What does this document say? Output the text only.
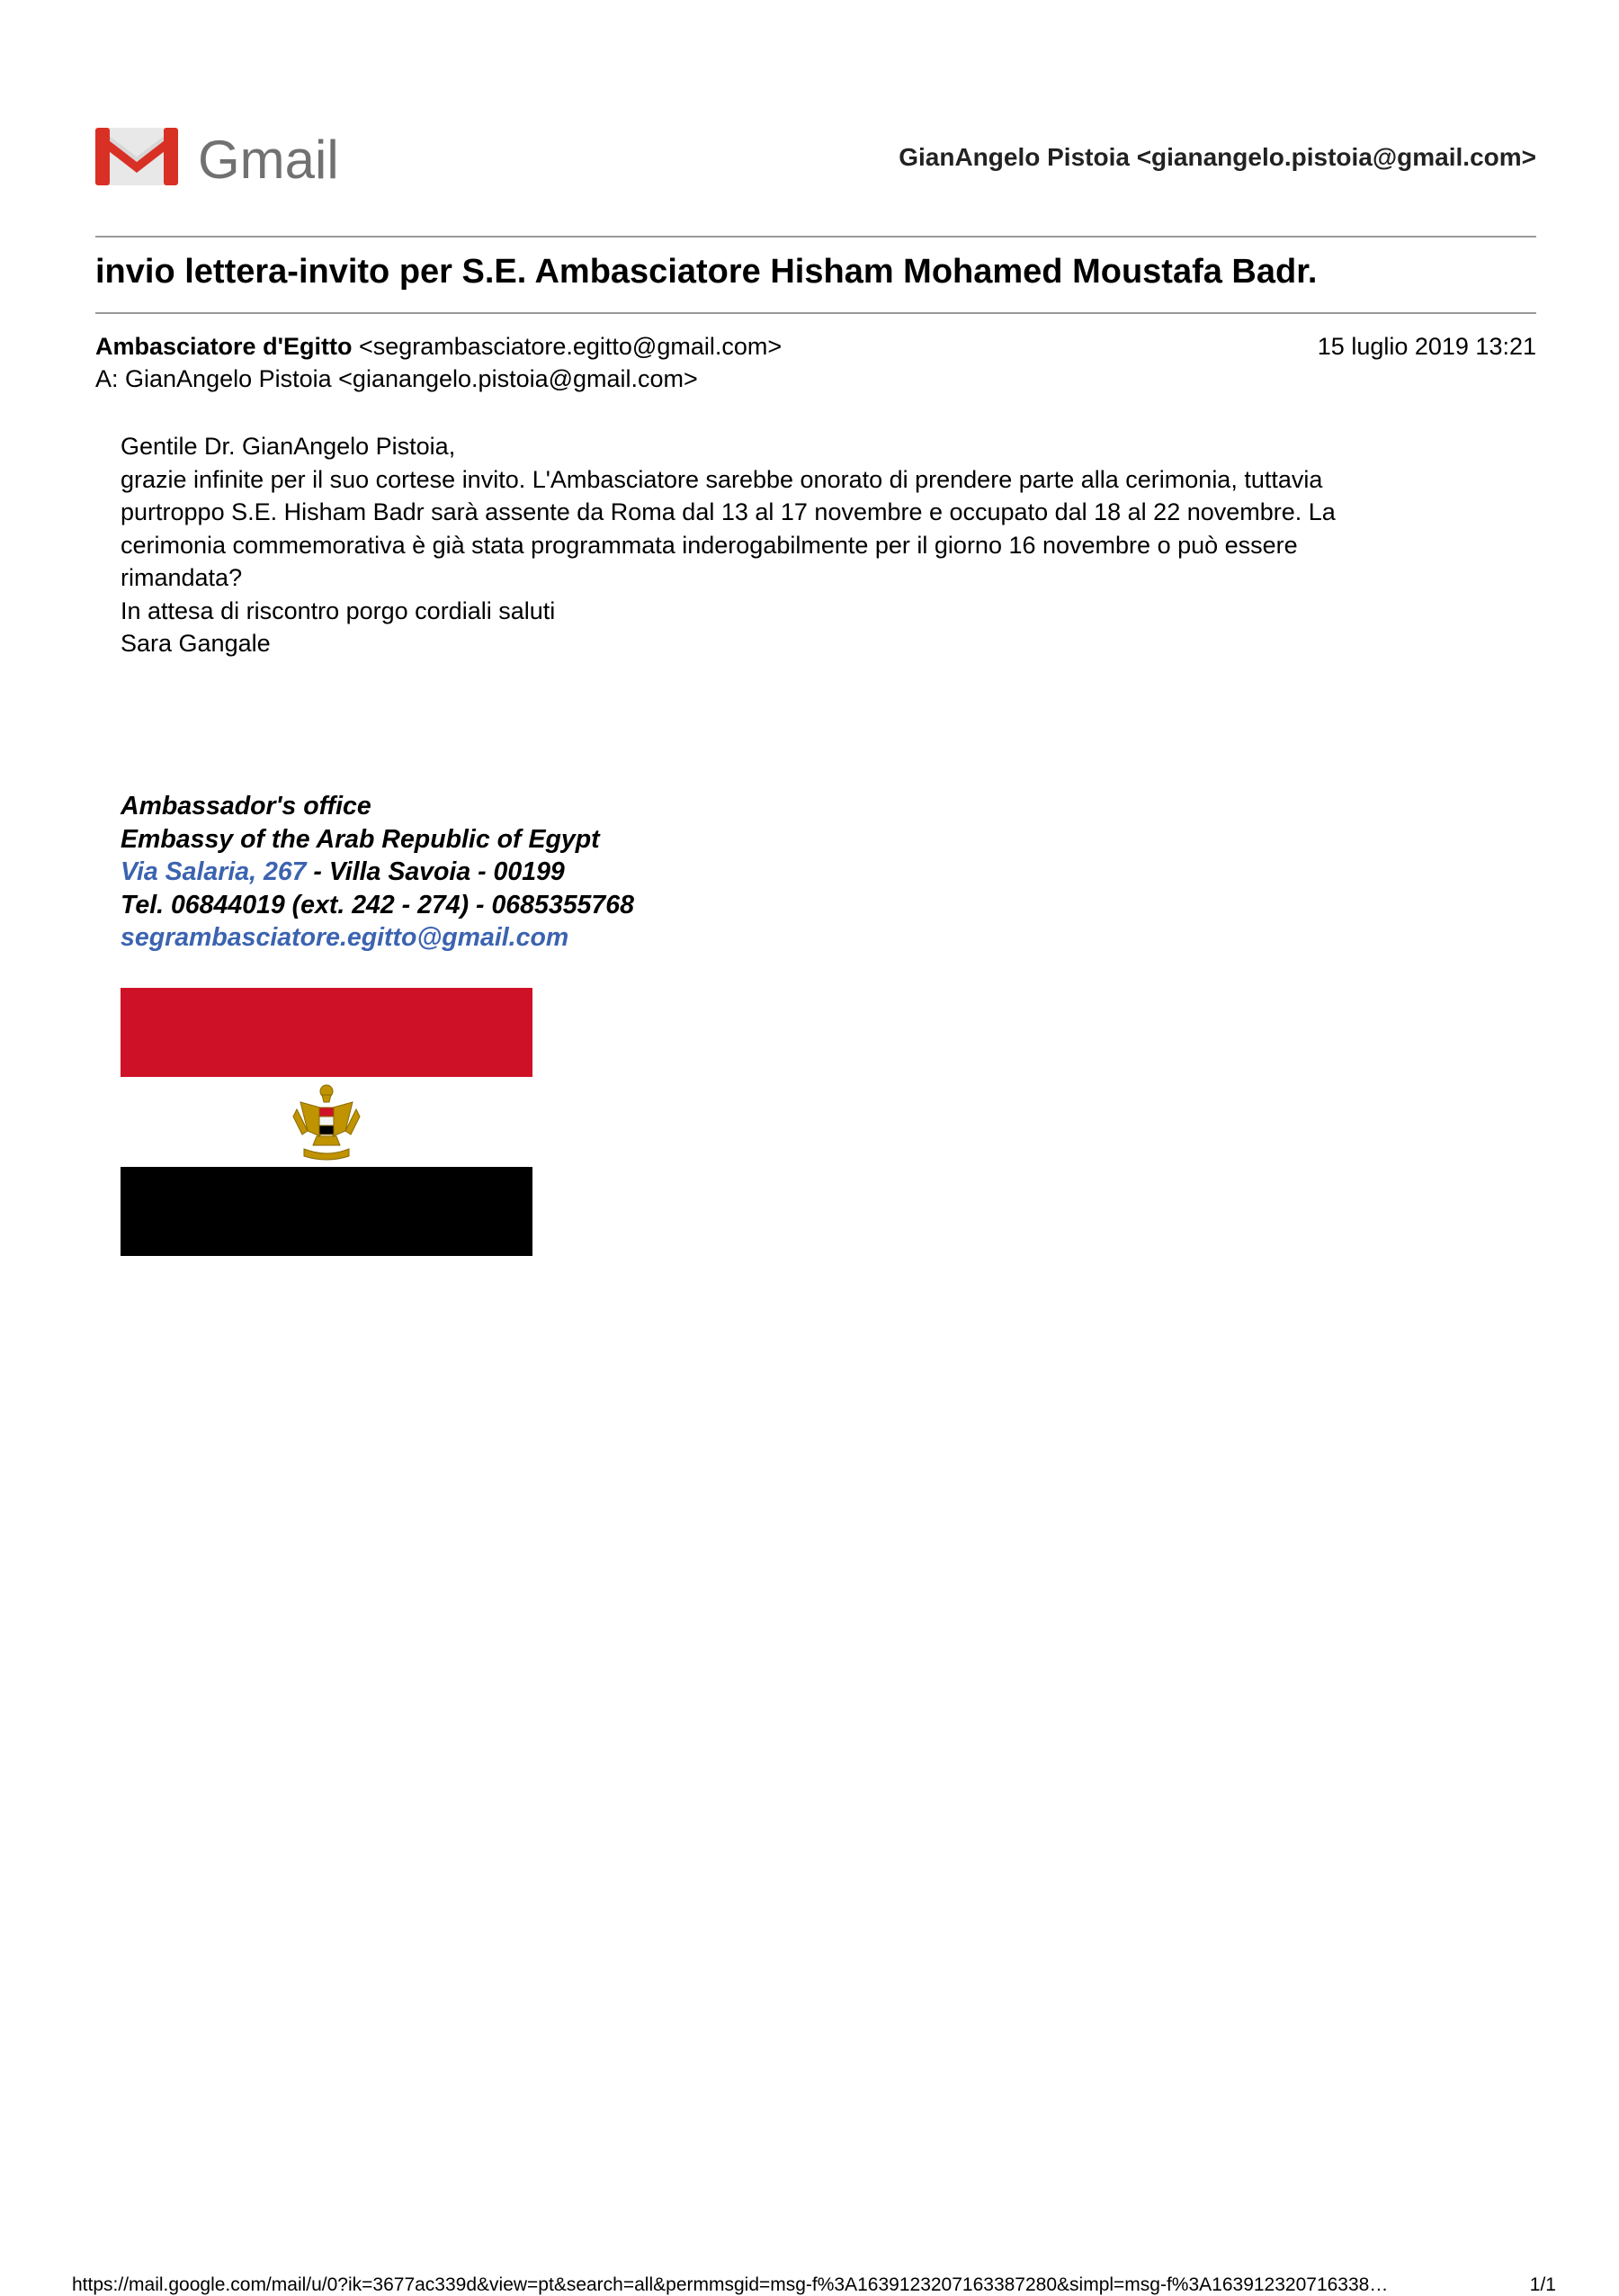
Gmail	GianAngelo Pistoia <gianangelo.pistoia@gmail.com>
invio lettera-invito per S.E. Ambasciatore Hisham Mohamed Moustafa Badr.
Ambasciatore d'Egitto <segrambasciatore.egitto@gmail.com>	15 luglio 2019 13:21
A: GianAngelo Pistoia <gianangelo.pistoia@gmail.com>

Gentile Dr. GianAngelo Pistoia,

grazie infinite per il suo cortese invito. L'Ambasciatore sarebbe onorato di prendere parte alla cerimonia, tuttavia

purtroppo S.E. Hisham Badr sarà assente da Roma dal 13 al 17 novembre e occupato dal 18 al 22 novembre. La

cerimonia commemorativa è già stata programmata inderogabilmente per il giorno 16 novembre o può essere

rimandata?

In attesa di riscontro porgo cordiali saluti

Sara Gangale

Ambassador's office

Embassy of the Arab Republic of Egypt

Via Salaria, 267 - Villa Savoia - 00199

Tel. 06844019 (ext. 242 - 274) - 0685355768

segrambasciatore.egitto@gmail.com

https://mail.google.com/mail/u/0?ik=3677ac339d&view=pt&search=all&permmsgid=msg-f%3A1639123207163387280&simpl=msg-f%3A163912320716338…	1/1
